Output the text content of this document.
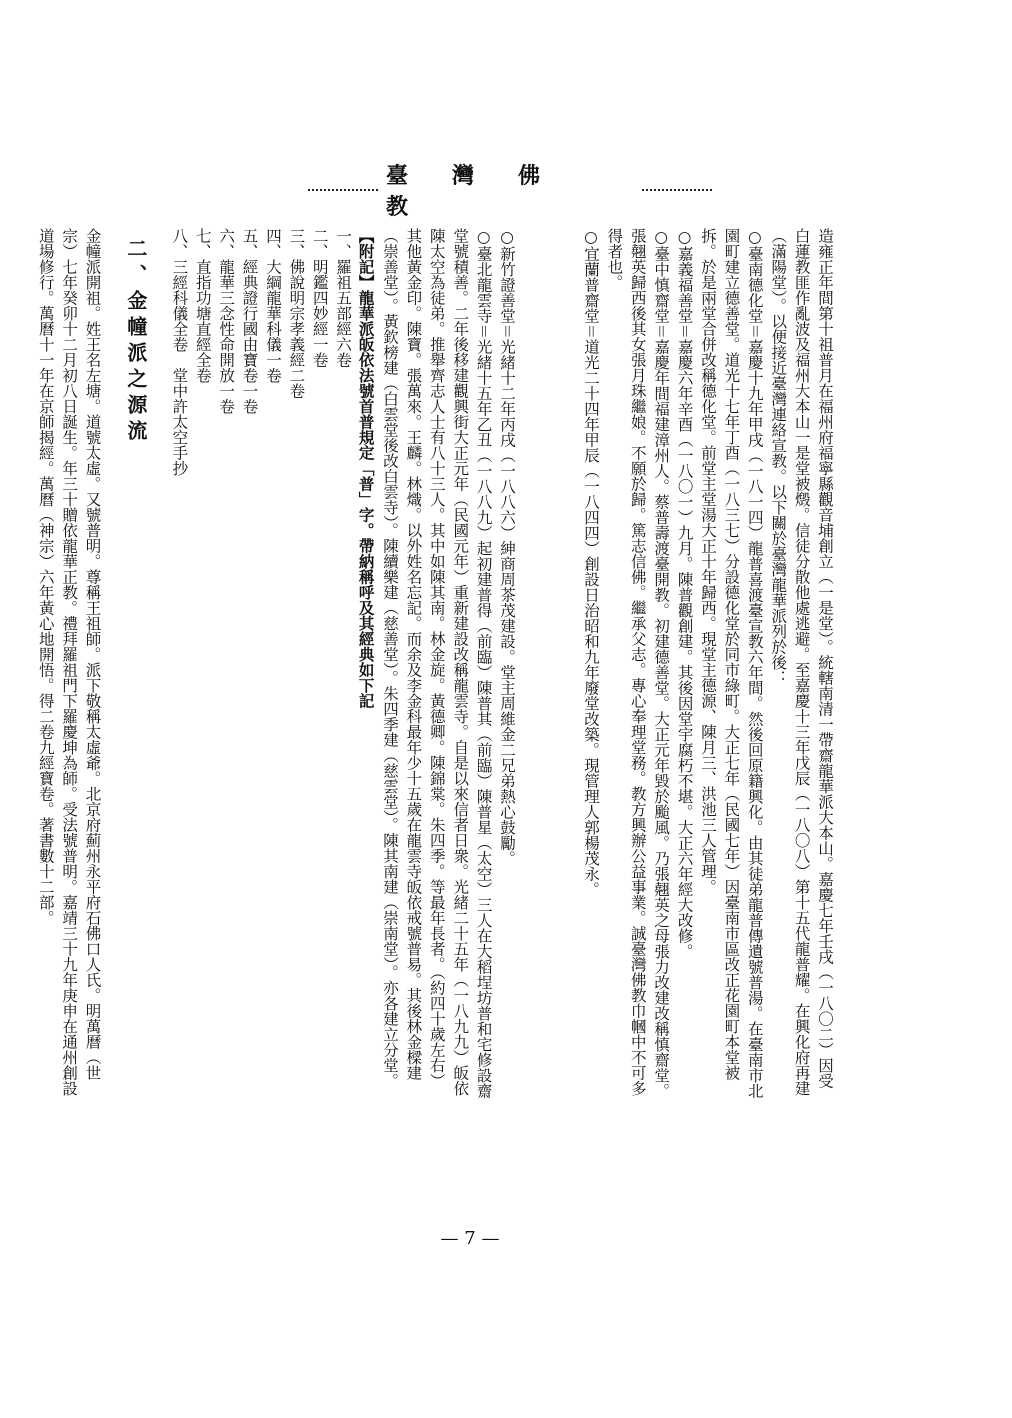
臺灣佛教

造雍正年間第十祖普月在福州府福寧縣觀音埔創立（一是堂）。統轄南清一帶齋龍華派大本山。嘉慶七年壬戌（一八〇二）因受白蓮教匪作亂波及福州大本山一是堂被燬。信徒分散他處逃避。至嘉慶十三年戊辰（一八〇八）第十五代龍普耀。在興化府再建（滿陽堂）。以便接近臺灣連絡宣教。以下關於臺灣龍華派列於後：

○臺南德化堂＝嘉慶十九年甲戌（一八一四）龍普喜渡臺宣教六年間。然後回原籍興化。由其徒弟龍普傳遺號普湯。在臺南市北園町建立德善堂。道光十七年丁酉（一八三七）分設德化堂於同市綠町。大正七年（民國七年）因臺南市區改正花園町本堂被拆。於是兩堂合併改稱德化堂。前堂主堂湯大正十年歸西。現堂主德源、陳月三、洪池三人管理。

○嘉義福善堂＝嘉慶六年辛酉（一八〇一）九月。陳普觀創建。其後因堂宇腐朽不堪。大正六年經大改修。

○臺中慎齋堂＝嘉慶年間福建漳州人。蔡普壽渡臺開教。初建德善堂。大正元年毀於颱風。乃張翹英之母張力改建改稱慎齋堂。張翹英歸西後其女張月珠繼娘。不願於歸。篤志信佛。繼承父志。專心奉理堂務。教方興辦公益事業。誠臺灣佛教巾幗中不可多得者也。

○宜蘭普齋堂＝道光二十四年甲辰（一八四四）創設日治昭和九年廢堂改築。現管理人郭楊茂永。

○新竹證善堂＝光緒十二年丙戌（一八八六）紳商周茶茂建設。堂主周維金二兄弟熱心鼓勵。

○臺北龍雲寺＝光緒十五年乙丑（一八八九）起初建普得（前臨）陳普其（前臨）陳普星（太空）三人在大稻埕坊普和宅修設齋堂號積善。二年後移建觀興街大正元年（民國元年）重新建設改稱龍雲寺。自是以來信者日衆。光緒二十五年（一八九九）皈依陳太空為徒弟。推舉齊志人士有八十三人。其中如陳其南。林金旋。黃德卿。陳錦棠。朱四季。等最年長者。（約四十歲左右）其他黃金印。陳寶。張萬來。王麟。林熾。以外姓名忘記。而余及李金科最年少十五歲在龍雲寺皈依戒號普易。其後林金樑建（崇善堂）。黃欽榜建（白雲堂後改白雲寺）。陳續樂建（慈善堂）。朱四季建（慈雲堂）。陳其南建（崇南堂）。亦各建立分堂。

【附記】龍華派皈依法號首普規定「普」字。帶納稱呼及其經典如下記

一、羅祖五部經六卷

二、明鑑四妙經一卷

三、佛說明宗孝義經二卷

四、大綱龍華科儀一卷

五、經典證行國由寶卷一卷

六、龍華三念性命開放一卷

七、直指功塘直經全卷

八、三經科儀全卷　堂中許太空手抄

二、金幢派之源流

金幢派開祖。姓王名左塘。道號太虛。又號普明。尊稱王祖師。派下敬稱太虛爺。北京府薊州永平府石佛口人氏。明萬曆（世宗）七年癸卯十二月初八日誕生。年三十贈依龍華正教。禮拜羅祖門下羅慶坤為師。受法號普明。嘉靖三十九年庚申在通州創設道場修行。萬曆十一年在京師揭經。萬曆（神宗）六年黃心地開悟。得二卷九經寶卷。著書數十二部。

— 7 —
